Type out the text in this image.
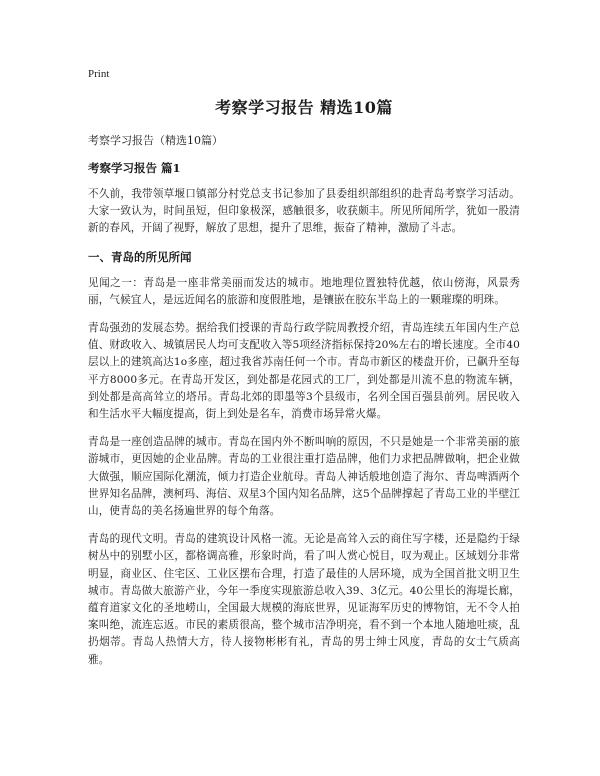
Print
考察学习报告 精选10篇
考察学习报告（精选10篇）
考察学习报告 篇1

不久前，我带领草堰口镇部分村党总支书记参加了县委组织部组织的赴青岛考察学习活动。大家一致认为，时间虽短，但印象极深，感触很多，收获颇丰。所见所闻所学，犹如一股清新的春风，开阔了视野，解放了思想，提升了思维，振奋了精神，激励了斗志。

一、青岛的所见所闻

见闻之一：青岛是一座非常美丽而发达的城市。地地理位置独特优越，依山傍海，风景秀丽，气候宜人，是远近闻名的旅游和度假胜地，是镶嵌在胶东半岛上的一颗璀璨的明珠。

青岛强劲的发展态势。据给我们授课的青岛行政学院周教授介绍，青岛连续五年国内生产总值、财政收入、城镇居民人均可支配收入等5项经济指标保持20%左右的增长速度。全市40层以上的建筑高达1o多座，超过我省苏南任何一个市。青岛市新区的楼盘开价，已飙升至每平方8000多元。在青岛开发区，到处都是花园式的工厂，到处都是川流不息的物流车辆，到处都是高高耸立的塔吊。青岛北郊的即墨等3个县级市，名列全国百强县前列。居民收入和生活水平大幅度提高，街上到处是名车，消费市场异常火爆。

青岛是一座创造品牌的城市。青岛在国内外不断叫响的原因，不只是她是一个非常美丽的旅游城市，更因她的企业品牌。青岛的工业很注重打造品牌，他们力求把品牌做响，把企业做大做强，顺应国际化潮流，倾力打造企业航母。青岛人神话般地创造了海尔、青岛啤酒两个世界知名品牌，澳柯玛、海信、双星3个国内知名品牌，这5个品牌撑起了青岛工业的半壁江山，使青岛的美名扬遍世界的每个角落。

青岛的现代文明。青岛的建筑设计风格一流。无论是高耸入云的商住写字楼，还是隐约于绿树丛中的别墅小区，都格调高雅，形象时尚，看了叫人赏心悦目，叹为观止。区域划分非常明显，商业区、住宅区、工业区摆布合理，打造了最佳的人居环境，成为全国首批文明卫生城市。青岛做大旅游产业，今年一季度实现旅游总收入39、3亿元。40公里长的海堤长廊，蕴育道家文化的圣地崂山，全国最大规模的海底世界，见证海军历史的博物馆，无不令人拍案叫绝，流连忘返。市民的素质很高，整个城市洁净明亮，看不到一个本地人随地吐痰，乱扔烟蒂。青岛人热情大方，待人接物彬彬有礼，青岛的男士绅士风度，青岛的女士气质高雅。
